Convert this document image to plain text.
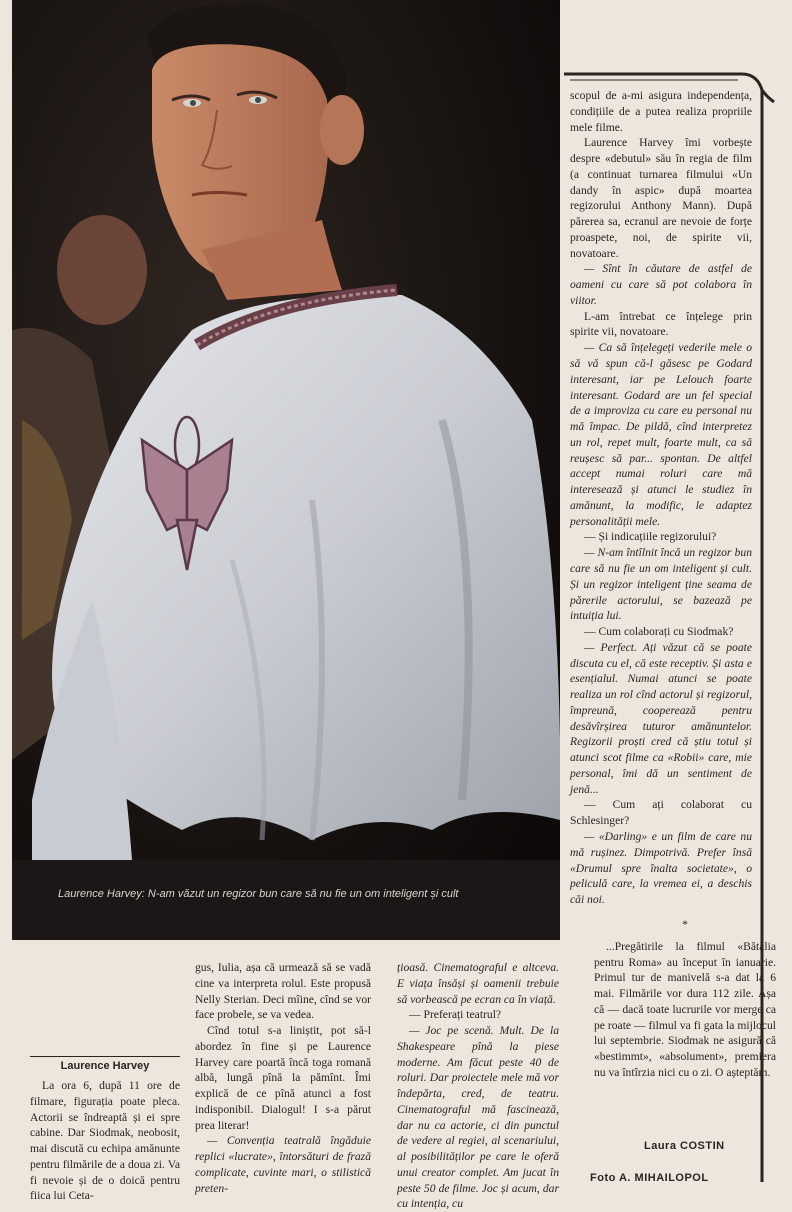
Laurence Harvey: N-am văzut un regizor bun care să nu fie un om inteligent și cult

scopul de a-mi asigura independența, condițiile de a putea realiza propriile mele filme.

Laurence Harvey îmi vorbește despre «debutul» său în regia de film (a continuat turnarea filmului «Un dandy în aspic» după moartea regizorului Anthony Mann). După părerea sa, ecranul are nevoie de forțe proaspete, noi, de spirite vii, novatoare.

— Sînt în căutare de astfel de oameni cu care să pot colabora în viitor.

L-am întrebat ce înțelege prin spirite vii, novatoare.

— Ca să înțelegeți vederile mele o să vă spun că-l găsesc pe Godard interesant, iar pe Lelouch foarte interesant. Godard are un fel special de a improviza cu care eu personal nu mă împac. De pildă, cînd interpretez un rol, repet mult, foarte mult, ca să reușesc să par... spontan. De altfel accept numai roluri care mă interesează și atunci le studiez în amănunt, la modific, le adaptez personalității mele.

— Și indicațiile regizorului?

— N-am întîlnit încă un regizor bun care să nu fie un om inteligent și cult. Și un regizor inteligent ține seama de părerile actorului, se bazează pe intuiția lui.

— Cum colaborați cu Siodmak?

— Perfect. Ați văzut că se poate discuta cu el, că este receptiv. Și asta e esențialul. Numai atunci se poate realiza un rol cînd actorul și regizorul, împreună, cooperează pentru desăvîrșirea tuturor amănuntelor. Regizorii proști cred că știu totul și atunci scot filme ca «Robii» care, mie personal, îmi dă un sentiment de jenă...

— Cum ați colaborat cu Schlesinger?

— «Darling» e un film de care nu mă rușinez. Dimpotrivă. Prefer însă «Drumul spre înalta societate», o peliculă care, la vremea ei, a deschis căi noi.

Laurence Harvey

La ora 6, după 11 ore de filmare, figurația poate pleca. Actorii se îndreaptă și ei spre cabine. Dar Siodmak, neobosit, mai discută cu echipa amănunte pentru filmările de a doua zi. Va fi nevoie și de o doică pentru fiica lui Ceta-

gus, Iulia, așa că urmează să se vadă cine va interpreta rolul. Este propusă Nelly Sterian. Deci mîine, cînd se vor face probele, se va vedea.

Cînd totul s-a liniștit, pot să-l abordez în fine și pe Laurence Harvey care poartă încă toga romană albă, lungă pînă la pămînt. Îmi explică de ce pînă atunci a fost indisponibil. Dialogul! I s-a părut prea literar!

— Convenția teatrală îngăduie replici «lucrate», întorsături de frază complicate, cuvinte mari, o stilistică preten-

țioasă. Cinematograful e altceva. E viața însăși și oamenii trebuie să vorbească pe ecran ca în viață.

— Preferați teatrul?

— Joc pe scenă. Mult. De la Shakespeare pînă la piese moderne. Am făcut peste 40 de roluri. Dar proiectele mele mă vor îndepărta, cred, de teatru. Cinematograful mă fascinează, dar nu ca actorie, ci din punctul de vedere al regiei, al scenariului, al posibilităților pe care le oferă unui creator complet. Am jucat în peste 50 de filme. Joc și acum, dar cu intenția, cu

*

...Pregătirile la filmul «Bătălia pentru Roma» au început în ianuarie. Primul tur de manivelă s-a dat la 6 mai. Filmările vor dura 112 zile. Așa că — dacă toate lucrurile vor merge ca pe roate — filmul va fi gata la mijlocul lui septembrie. Siodmak ne asigură că «bestimmt», «absolument», premiera nu va întîrzia nici cu o zi. O așteptăm.

Laura COSTIN
Foto A. MIHAILOPOL
